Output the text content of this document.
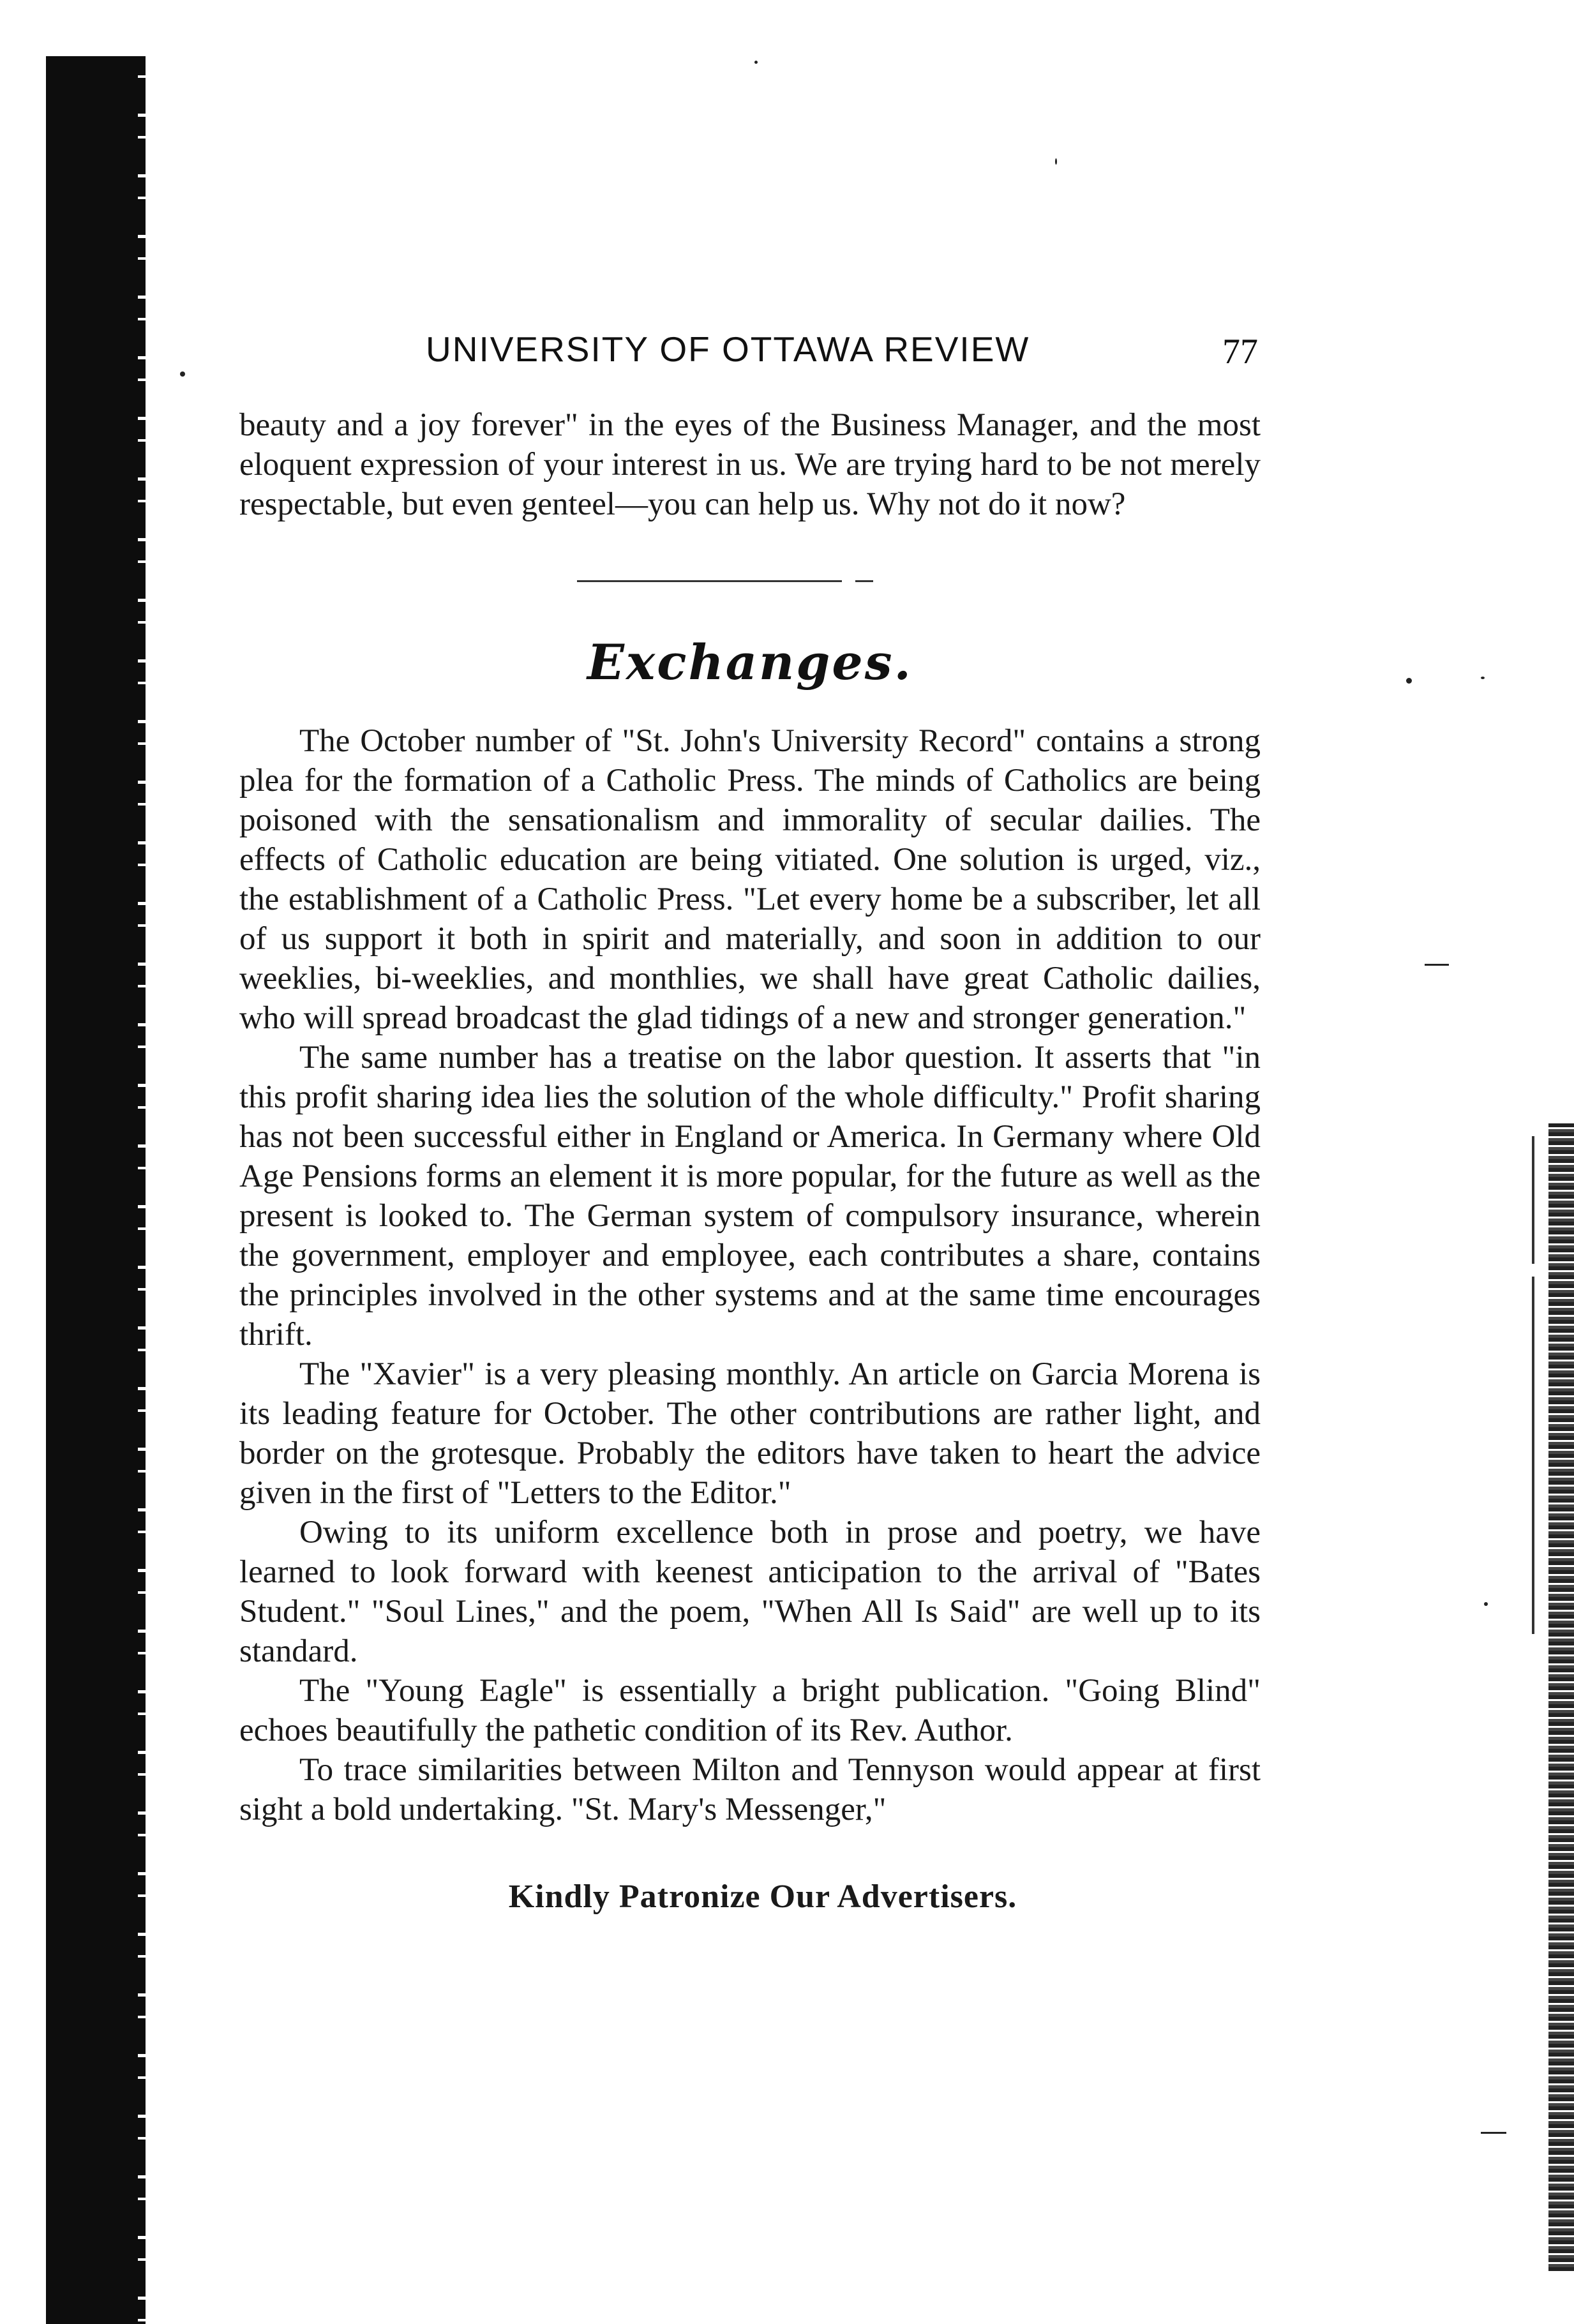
UNIVERSITY OF OTTAWA REVIEW	77

beauty and a joy forever" in the eyes of the Business Manager, and the most eloquent expression of your interest in us. We are trying hard to be not merely respectable, but even genteel—you can help us. Why not do it now?

Exchanges.

The October number of "St. John's University Record" contains a strong plea for the formation of a Catholic Press. The minds of Catholics are being poisoned with the sensationalism and immorality of secular dailies. The effects of Catholic education are being vitiated. One solution is urged, viz., the establishment of a Catholic Press. "Let every home be a subscriber, let all of us support it both in spirit and materially, and soon in addition to our weeklies, bi-weeklies, and monthlies, we shall have great Catholic dailies, who will spread broadcast the glad tidings of a new and stronger generation."

The same number has a treatise on the labor question. It asserts that "in this profit sharing idea lies the solution of the whole difficulty." Profit sharing has not been successful either in England or America. In Germany where Old Age Pensions forms an element it is more popular, for the future as well as the present is looked to. The German system of compulsory insurance, wherein the government, employer and employee, each contributes a share, contains the principles involved in the other systems and at the same time encourages thrift.

The "Xavier" is a very pleasing monthly. An article on Garcia Morena is its leading feature for October. The other contributions are rather light, and border on the grotesque. Probably the editors have taken to heart the advice given in the first of "Letters to the Editor."

Owing to its uniform excellence both in prose and poetry, we have learned to look forward with keenest anticipation to the arrival of "Bates Student." "Soul Lines," and the poem, "When All Is Said" are well up to its standard.

The "Young Eagle" is essentially a bright publication. "Going Blind" echoes beautifully the pathetic condition of its Rev. Author.

To trace similarities between Milton and Tennyson would appear at first sight a bold undertaking. "St. Mary's Messenger,"

Kindly Patronize Our Advertisers.
